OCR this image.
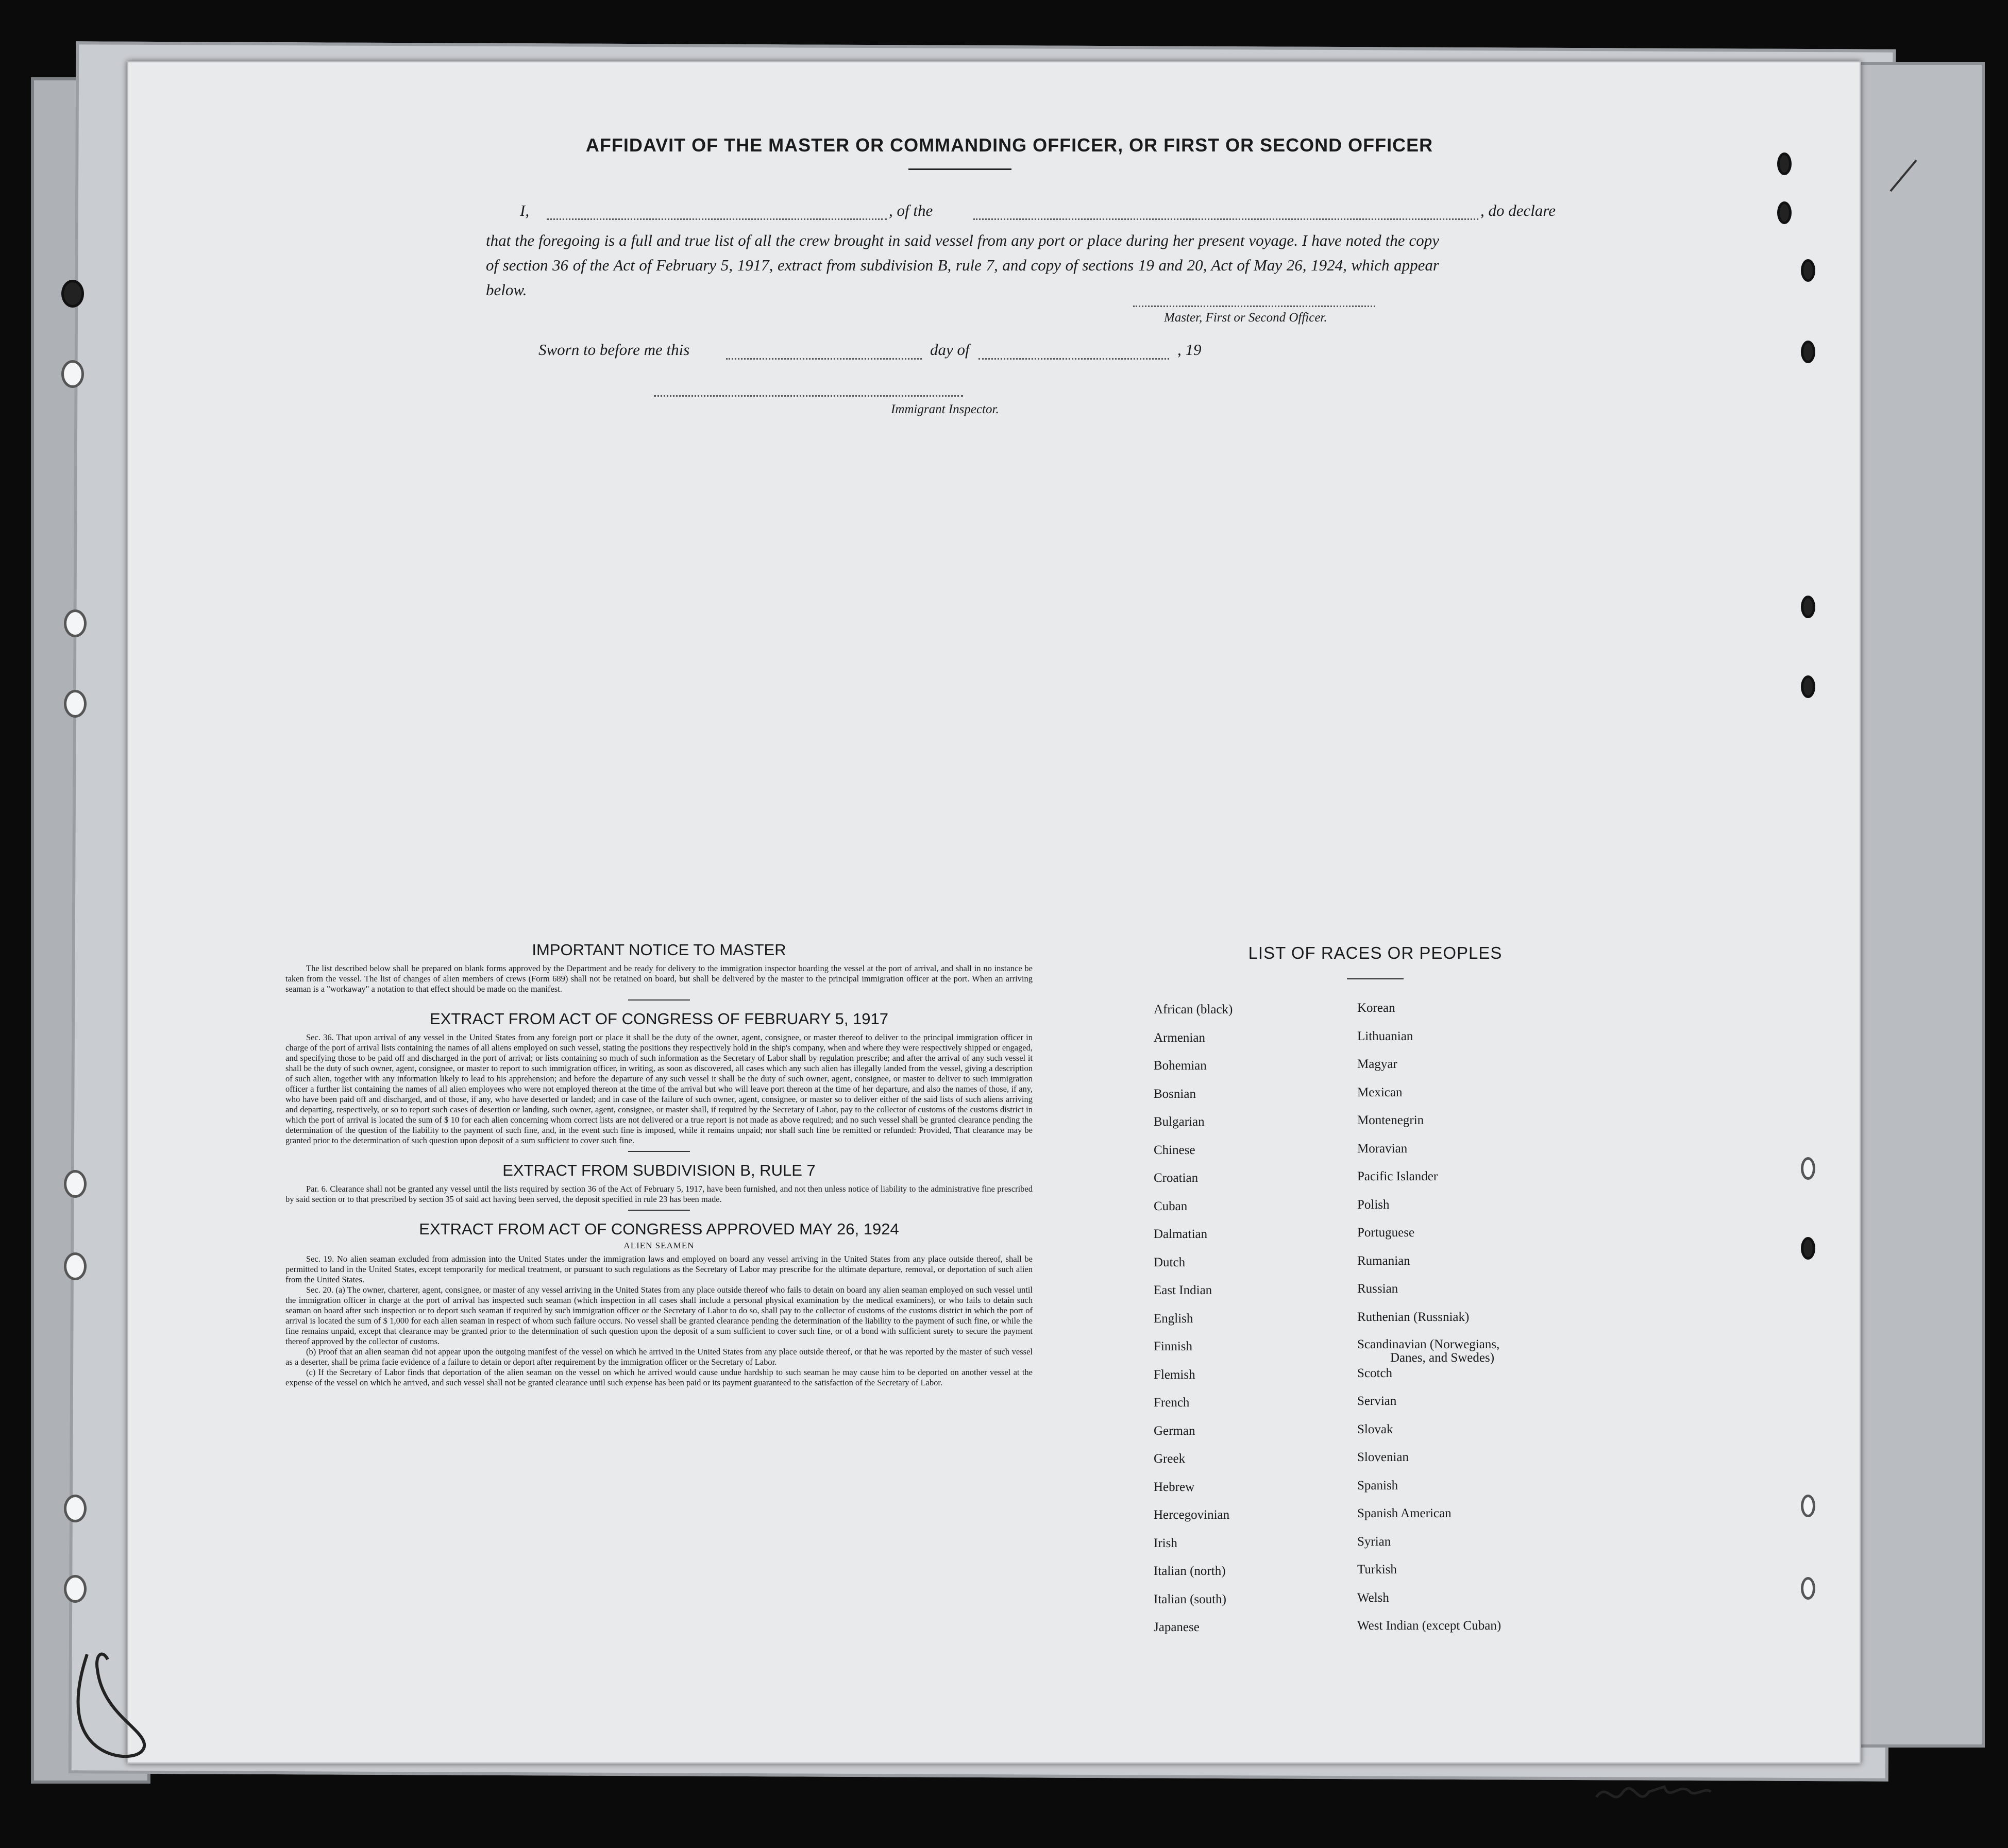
AFFIDAVIT OF THE MASTER OR COMMANDING OFFICER, OR FIRST OR SECOND OFFICER
I,	, of the	, do declare
that the foregoing is a full and true list of all the crew brought in said vessel from any port or place during her present voyage. I have noted the copy of section 36 of the Act of February 5, 1917, extract from subdivision B, rule 7, and copy of sections 19 and 20, Act of May 26, 1924, which appear below.
Master, First or Second Officer.
Sworn to before me this	day of	, 19
Immigrant Inspector.
IMPORTANT NOTICE TO MASTER

The list described below shall be prepared on blank forms approved by the Department and be ready for delivery to the immigration inspector boarding the vessel at the port of arrival, and shall in no instance be taken from the vessel. The list of changes of alien members of crews (Form 689) shall not be retained on board, but shall be delivered by the master to the principal immigration officer at the port. When an arriving seaman is a "workaway" a notation to that effect should be made on the manifest.

EXTRACT FROM ACT OF CONGRESS OF FEBRUARY 5, 1917

Sec. 36. That upon arrival of any vessel in the United States from any foreign port or place it shall be the duty of the owner, agent, consignee, or master thereof to deliver to the principal immigration officer in charge of the port of arrival lists containing the names of all aliens employed on such vessel, stating the positions they respectively hold in the ship's company, when and where they were respectively shipped or engaged, and specifying those to be paid off and discharged in the port of arrival; or lists containing so much of such information as the Secretary of Labor shall by regulation prescribe; and after the arrival of any such vessel it shall be the duty of such owner, agent, consignee, or master to report to such immigration officer, in writing, as soon as discovered, all cases which any such alien has illegally landed from the vessel, giving a description of such alien, together with any information likely to lead to his apprehension; and before the departure of any such vessel it shall be the duty of such owner, agent, consignee, or master to deliver to such immigration officer a further list containing the names of all alien employees who were not employed thereon at the time of the arrival but who will leave port thereon at the time of her departure, and also the names of those, if any, who have been paid off and discharged, and of those, if any, who have deserted or landed; and in case of the failure of such owner, agent, consignee, or master so to deliver either of the said lists of such aliens arriving and departing, respectively, or so to report such cases of desertion or landing, such owner, agent, consignee, or master shall, if required by the Secretary of Labor, pay to the collector of customs of the customs district in which the port of arrival is located the sum of $ 10 for each alien concerning whom correct lists are not delivered or a true report is not made as above required; and no such vessel shall be granted clearance pending the determination of the question of the liability to the payment of such fine, and, in the event such fine is imposed, while it remains unpaid; nor shall such fine be remitted or refunded: Provided, That clearance may be granted prior to the determination of such question upon deposit of a sum sufficient to cover such fine.

EXTRACT FROM SUBDIVISION B, RULE 7

Par. 6. Clearance shall not be granted any vessel until the lists required by section 36 of the Act of February 5, 1917, have been furnished, and not then unless notice of liability to the administrative fine prescribed by said section or to that prescribed by section 35 of said act having been served, the deposit specified in rule 23 has been made.

EXTRACT FROM ACT OF CONGRESS APPROVED MAY 26, 1924
ALIEN SEAMEN

Sec. 19. No alien seaman excluded from admission into the United States under the immigration laws and employed on board any vessel arriving in the United States from any place outside thereof, shall be permitted to land in the United States, except temporarily for medical treatment, or pursuant to such regulations as the Secretary of Labor may prescribe for the ultimate departure, removal, or deportation of such alien from the United States.

Sec. 20. (a) The owner, charterer, agent, consignee, or master of any vessel arriving in the United States from any place outside thereof who fails to detain on board any alien seaman employed on such vessel until the immigration officer in charge at the port of arrival has inspected such seaman (which inspection in all cases shall include a personal physical examination by the medical examiners), or who fails to detain such seaman on board after such inspection or to deport such seaman if required by such immigration officer or the Secretary of Labor to do so, shall pay to the collector of customs of the customs district in which the port of arrival is located the sum of $ 1,000 for each alien seaman in respect of whom such failure occurs. No vessel shall be granted clearance pending the determination of the liability to the payment of such fine, or while the fine remains unpaid, except that clearance may be granted prior to the determination of such question upon the deposit of a sum sufficient to cover such fine, or of a bond with sufficient surety to secure the payment thereof approved by the collector of customs.

(b) Proof that an alien seaman did not appear upon the outgoing manifest of the vessel on which he arrived in the United States from any place outside thereof, or that he was reported by the master of such vessel as a deserter, shall be prima facie evidence of a failure to detain or deport after requirement by the immigration officer or the Secretary of Labor.

(c) If the Secretary of Labor finds that deportation of the alien seaman on the vessel on which he arrived would cause undue hardship to such seaman he may cause him to be deported on another vessel at the expense of the vessel on which he arrived, and such vessel shall not be granted clearance until such expense has been paid or its payment guaranteed to the satisfaction of the Secretary of Labor.

LIST OF RACES OR PEOPLES
African (black)
Armenian
Bohemian
Bosnian
Bulgarian
Chinese
Croatian
Cuban
Dalmatian
Dutch
East Indian
English
Finnish
Flemish
French
German
Greek
Hebrew
Hercegovinian
Irish
Italian (north)
Italian (south)
Japanese
Korean
Lithuanian
Magyar
Mexican
Montenegrin
Moravian
Pacific Islander
Polish
Portuguese
Rumanian
Russian
Ruthenian (Russniak)
Scandinavian (Norwegians,
Danes, and Swedes)
Scotch
Servian
Slovak
Slovenian
Spanish
Spanish American
Syrian
Turkish
Welsh
West Indian (except Cuban)
